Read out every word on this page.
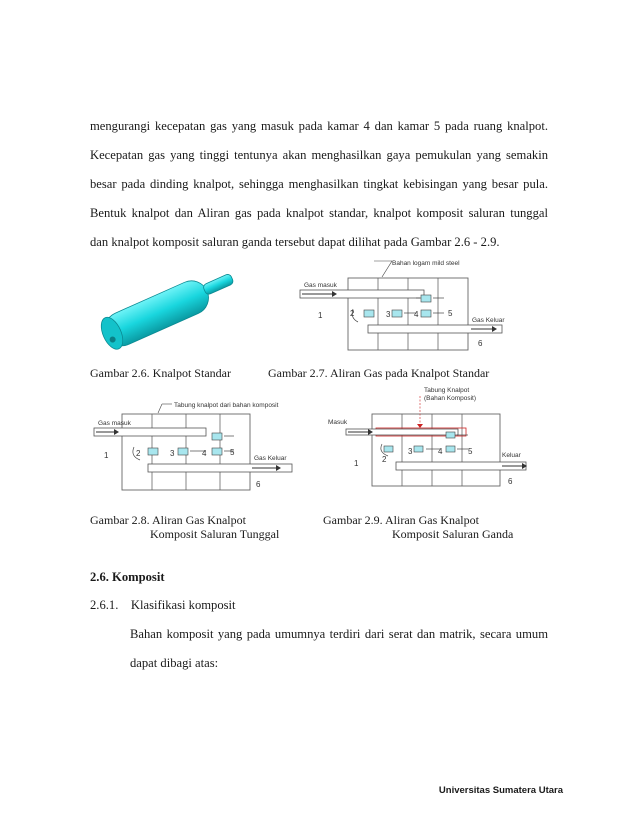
mengurangi kecepatan gas yang masuk pada kamar 4 dan kamar 5 pada ruang knalpot.
Kecepatan gas yang tinggi tentunya akan menghasilkan gaya pemukulan yang semakin
besar pada dinding knalpot, sehingga menghasilkan tingkat kebisingan yang besar pula.
Bentuk knalpot dan Aliran gas pada knalpot standar, knalpot komposit saluran tunggal
dan knalpot komposit saluran ganda tersebut dapat dilihat pada Gambar 2.6 - 2.9.
Bahan logam mild steel
Gas masuk
Gas Keluar
1	2	3	4	5
6
Gambar 2.6. Knalpot Standar	Gambar 2.7. Aliran Gas pada Knalpot Standar
Tabung knalpot dari bahan komposit
Gas masuk
Gas Keluar
1	2	3	4	5
6
Tabung Knalpot
(Bahan Komposit)
Masuk
Keluar
1	2
3	4	5
6
Gambar 2.8. Aliran Gas Knalpot
Komposit Saluran Tunggal
Gambar 2.9. Aliran Gas Knalpot
Komposit Saluran Ganda
2.6. Komposit
2.6.1.    Klasifikasi komposit
Bahan komposit yang pada umumnya terdiri dari serat dan matrik, secara umum
dapat dibagi atas:
Universitas Sumatera Utara
